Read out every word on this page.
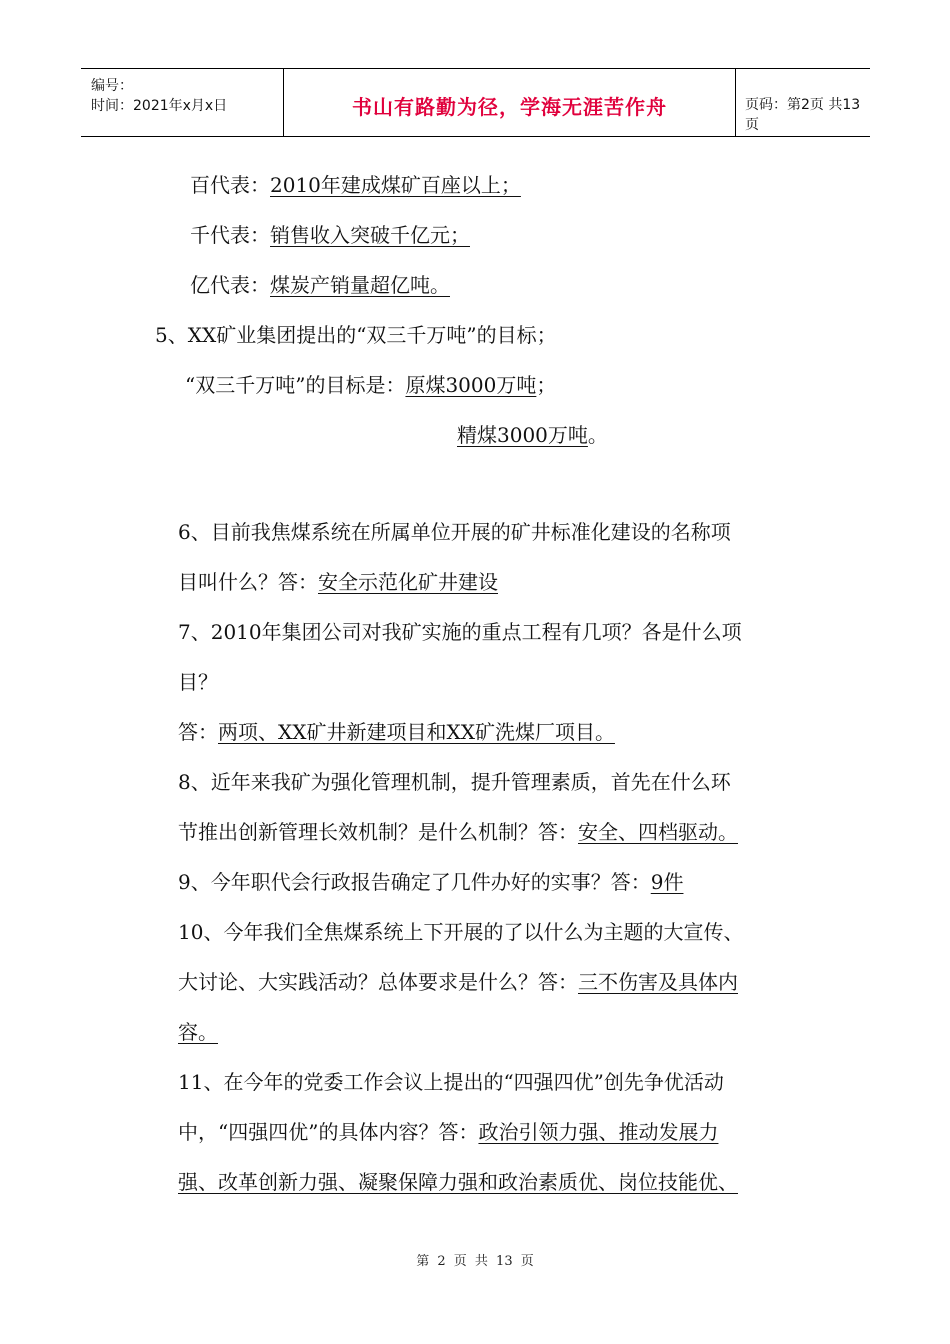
编号：
时间：2021年x月x日	书山有路勤为径，学海无涯苦作舟	页码：第2页 共13页
百代表：2010年建成煤矿百座以上；
千代表：销售收入突破千亿元；
亿代表：煤炭产销量超亿吨。
5、XX矿业集团提出的“双三千万吨”的目标；
“双三千万吨”的目标是：原煤3000万吨；
精煤3000万吨。
6、目前我焦煤系统在所属单位开展的矿井标准化建设的名称项
目叫什么？答：安全示范化矿井建设
7、2010年集团公司对我矿实施的重点工程有几项？各是什么项
目？
答：两项、XX矿井新建项目和XX矿洗煤厂项目。
8、近年来我矿为强化管理机制，提升管理素质，首先在什么环
节推出创新管理长效机制？是什么机制？答：安全、四档驱动。
9、今年职代会行政报告确定了几件办好的实事？答：9件
10、今年我们全焦煤系统上下开展的了以什么为主题的大宣传、
大讨论、大实践活动？总体要求是什么？答：三不伤害及具体内
容。
11、在今年的党委工作会议上提出的“四强四优”创先争优活动
中，“四强四优”的具体内容？答：政治引领力强、推动发展力
强、改革创新力强、凝聚保障力强和政治素质优、岗位技能优、
第 2 页 共 13 页
